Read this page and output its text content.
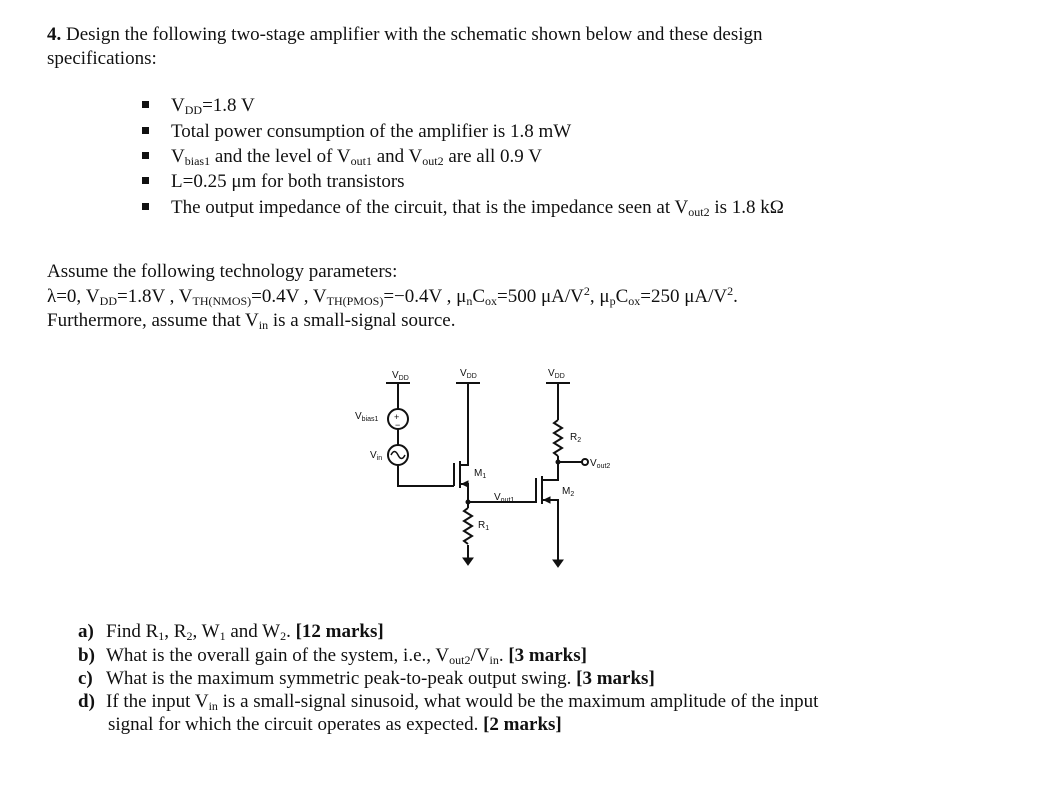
4. Design the following two-stage amplifier with the schematic shown below and these design
specifications:
$V_{DD}=1.8$ V
Total power consumption of the amplifier is 1.8 mW
$V_{bias1}$ and the level of $V_{out1}$ and $V_{out2}$ are all 0.9 V
L=0.25 μm for both transistors
The output impedance of the circuit, that is the impedance seen at $V_{out2}$ is 1.8 kΩ
Assume the following technology parameters:
λ=0, $V_{DD}=1.8V$ , $V_{TH(NMOS)}=0.4V$ , $V_{TH(PMOS)}=-0.4V$ , $\mu_nC_{ox}=500$ $\mu A/V^2$, $\mu_pC_{ox}=250$ $\mu A/V^2$.
Furthermore, assume that $V_{in}$ is a small-signal source.
+
−
$V_{DD}$	$V_{DD}$	$V_{DD}$
$V_{bias1}$
$V_{in}$
$M_1$
$M_2$
$R_1$
$R_2$
$V_{out1}$
$V_{out2}$
a) Find $R_1$, $R_2$, $W_1$ and $W_2$. [12 marks]
b) What is the overall gain of the system, i.e., $V_{out2}/V_{in}$. [3 marks]
c) What is the maximum symmetric peak-to-peak output swing. [3 marks]
d) If the input $V_{in}$ is a small-signal sinusoid, what would be the maximum amplitude of the input
signal for which the circuit operates as expected. [2 marks]
